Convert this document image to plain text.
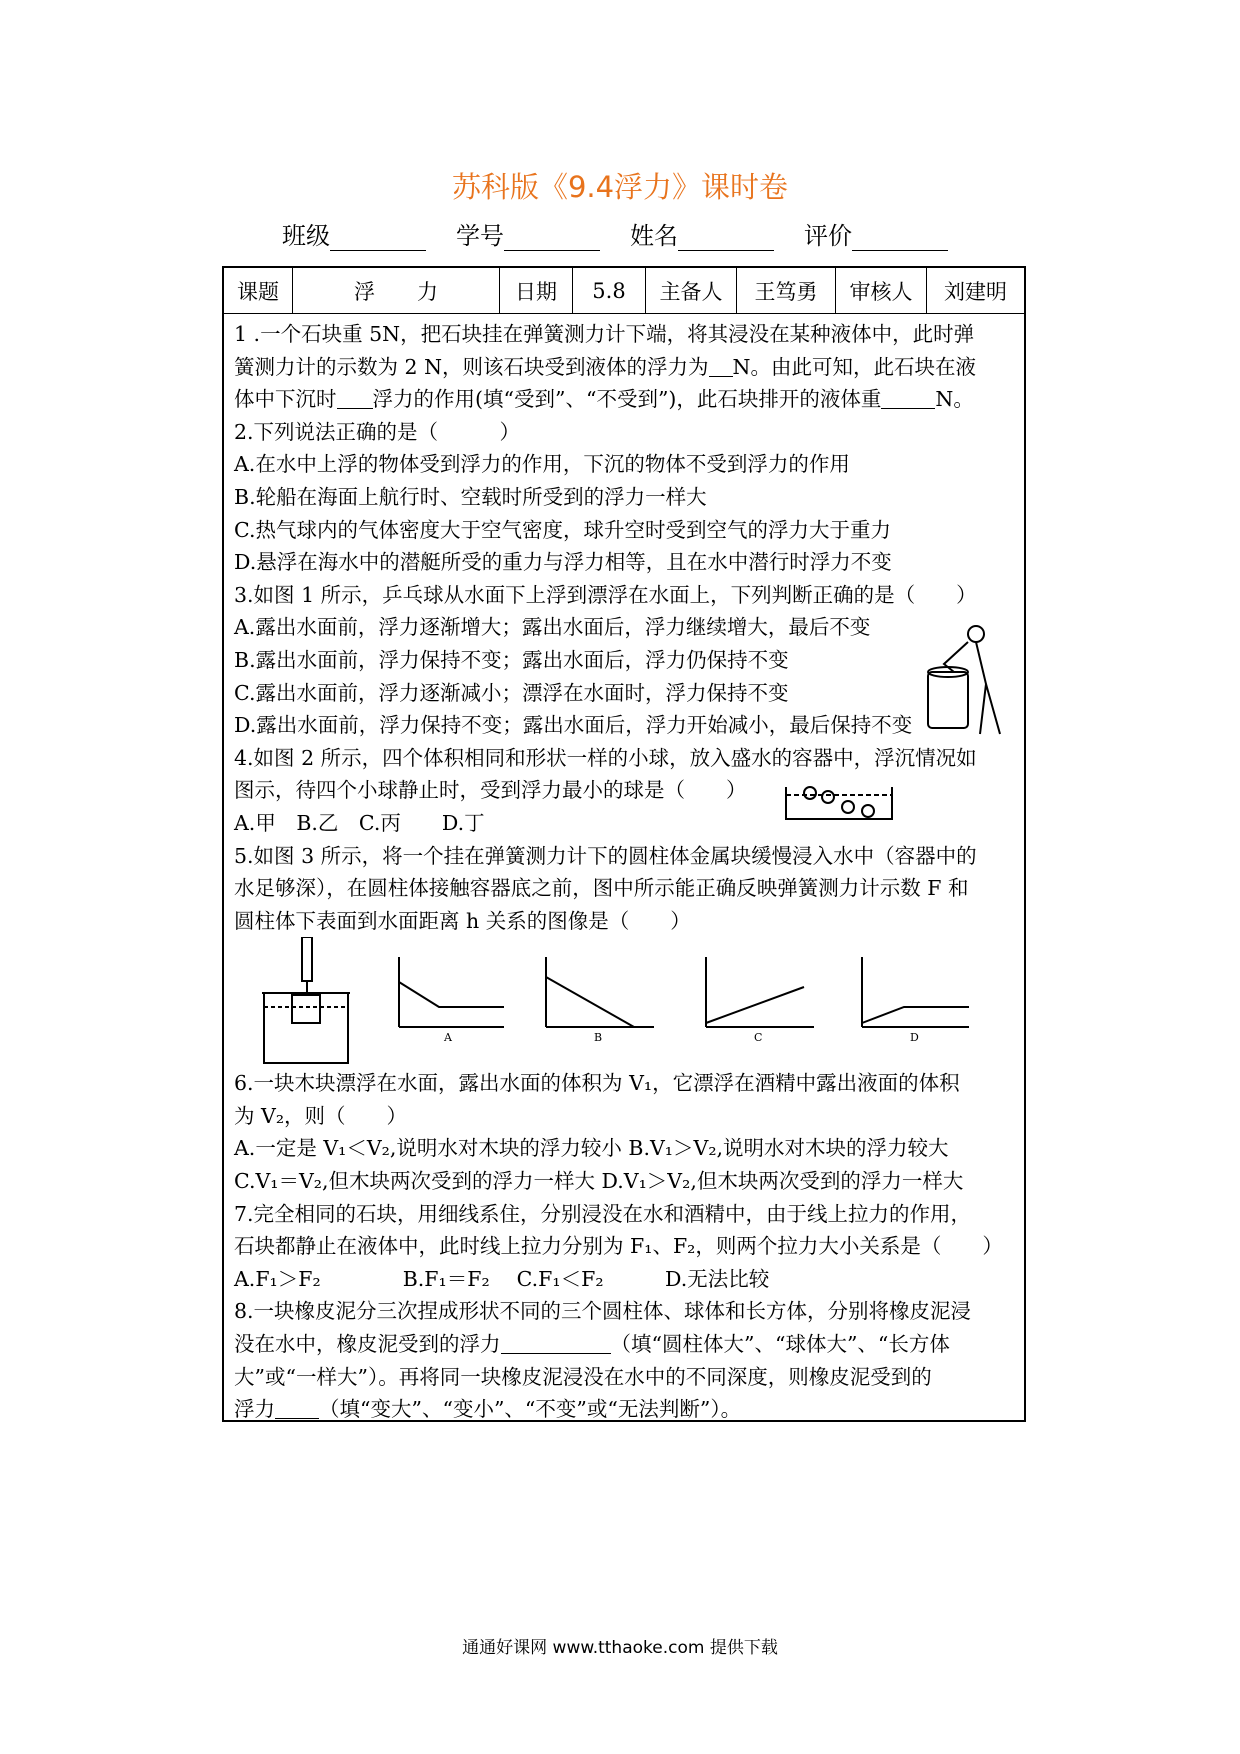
苏科版《9.4浮力》课时卷
班级	学号	姓名	评价
课题	浮　　力	日期	5.8	主备人	王笃勇	审核人	刘建明

1 .一个石块重 5N，把石块挂在弹簧测力计下端，将其浸没在某种液体中，此时弹

簧测力计的示数为 2 N，则该石块受到液体的浮力为 N。由此可知，此石块在液

体中下沉时 浮力的作用(填“受到”、“不受到”)，此石块排开的液体重	N。

2.下列说法正确的是（　　　）

A.在水中上浮的物体受到浮力的作用，下沉的物体不受到浮力的作用

B.轮船在海面上航行时、空载时所受到的浮力一样大

C.热气球内的气体密度大于空气密度，球升空时受到空气的浮力大于重力

D.悬浮在海水中的潜艇所受的重力与浮力相等，且在水中潜行时浮力不变

3.如图 1 所示，乒乓球从水面下上浮到漂浮在水面上，下列判断正确的是（　　）

A.露出水面前，浮力逐渐增大；露出水面后，浮力继续增大，最后不变

B.露出水面前，浮力保持不变；露出水面后，浮力仍保持不变

C.露出水面前，浮力逐渐减小；漂浮在水面时，浮力保持不变

D.露出水面前，浮力保持不变；露出水面后，浮力开始减小，最后保持不变

4.如图 2 所示，四个体积相同和形状一样的小球，放入盛水的容器中，浮沉情况如

图示，待四个小球静止时，受到浮力最小的球是（　　）

A.甲　B.乙　C.丙　　D.丁

5.如图 3 所示，将一个挂在弹簧测力计下的圆柱体金属块缓慢浸入水中（容器中的

水足够深），在圆柱体接触容器底之前，图中所示能正确反映弹簧测力计示数 F 和

圆柱体下表面到水面距离 h 关系的图像是（　　）

A	B	C	D

6.一块木块漂浮在水面，露出水面的体积为 V₁，它漂浮在酒精中露出液面的体积

为 V₂，则（　　）

A.一定是 V₁＜V₂,说明水对木块的浮力较小 B.V₁＞V₂,说明水对木块的浮力较大

C.V₁＝V₂,但木块两次受到的浮力一样大 D.V₁＞V₂,但木块两次受到的浮力一样大

7.完全相同的石块，用细线系住，分别浸没在水和酒精中，由于线上拉力的作用，

石块都静止在液体中，此时线上拉力分别为 F₁、F₂，则两个拉力大小关系是（　　）

A.F₁＞F₂　　　　B.F₁＝F₂　 C.F₁＜F₂　　　D.无法比较

8.一块橡皮泥分三次捏成形状不同的三个圆柱体、球体和长方体，分别将橡皮泥浸

没在水中，橡皮泥受到的浮力	（填“圆柱体大”、“球体大”、“长方体

大”或“一样大”）。再将同一块橡皮泥浸没在水中的不同深度，则橡皮泥受到的

浮力 （填“变大”、“变小”、“不变”或“无法判断”）。

通通好课网 www.tthaoke.com 提供下载
